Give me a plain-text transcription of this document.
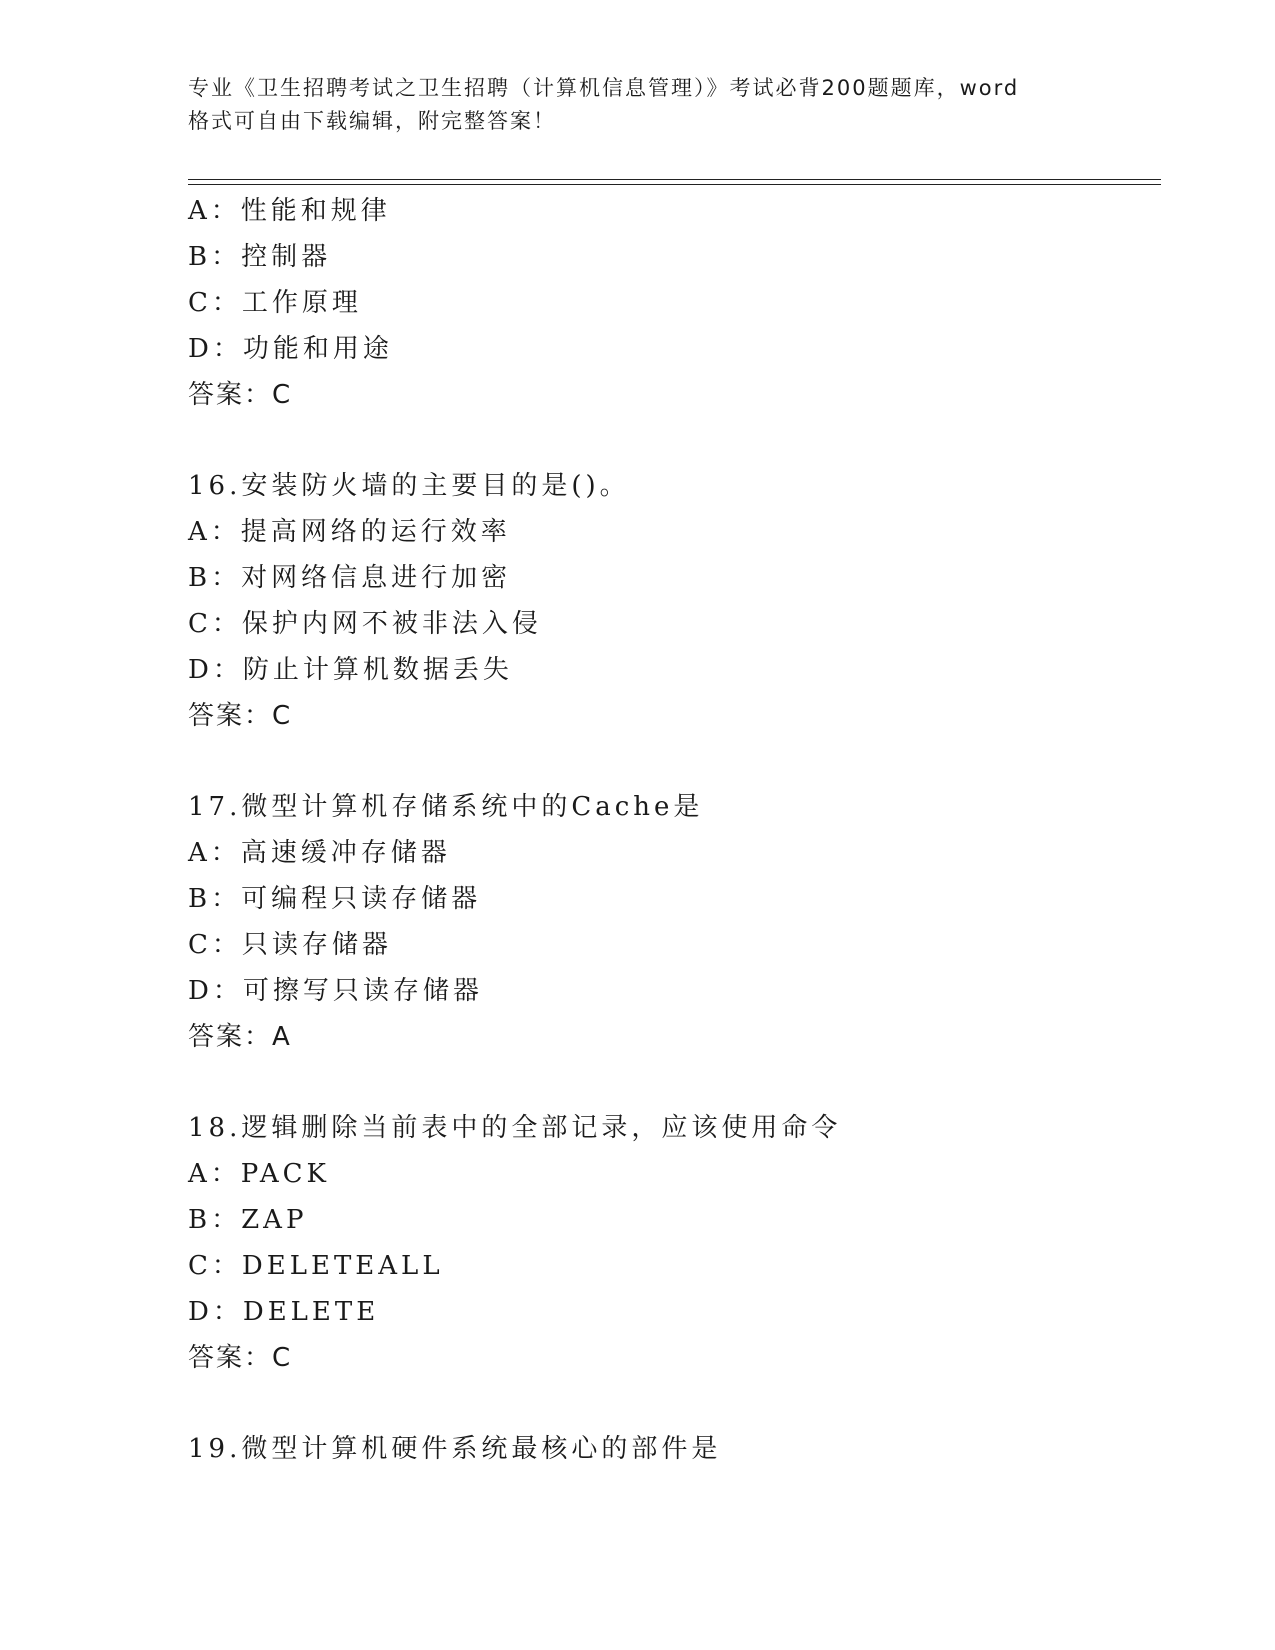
专业《卫生招聘考试之卫生招聘（计算机信息管理）》考试必背200题题库，word
格式可自由下载编辑，附完整答案！
A：性能和规律
B：控制器
C：工作原理
D：功能和用途
答案：C
16.安装防火墙的主要目的是()。
A：提高网络的运行效率
B：对网络信息进行加密
C：保护内网不被非法入侵
D：防止计算机数据丢失
答案：C
17.微型计算机存储系统中的Cache是
A：高速缓冲存储器
B：可编程只读存储器
C：只读存储器
D：可擦写只读存储器
答案：A
18.逻辑删除当前表中的全部记录，应该使用命令
A：PACK
B：ZAP
C：DELETEALL
D：DELETE
答案：C
19.微型计算机硬件系统最核心的部件是
